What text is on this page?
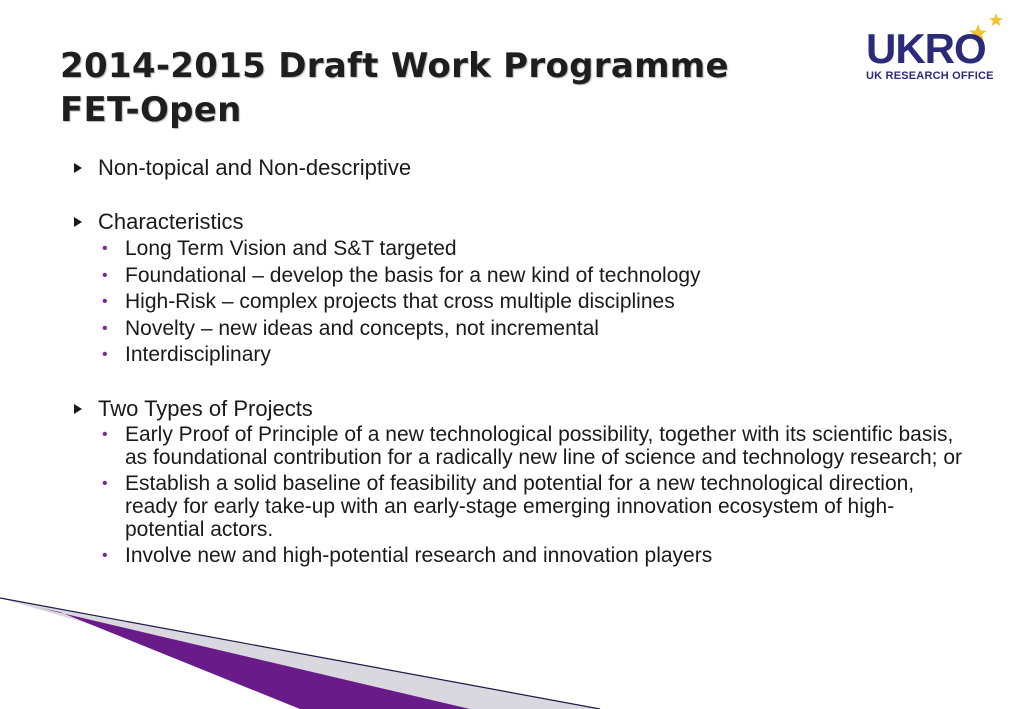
2014-2015 Draft Work Programme
FET-Open
UKRO
UK RESEARCH OFFICE
Non-topical and Non-descriptive
Characteristics
• Long Term Vision and S&T targeted
• Foundational – develop the basis for a new kind of technology
• High-Risk – complex projects that cross multiple disciplines
• Novelty – new ideas and concepts, not incremental
• Interdisciplinary
Two Types of Projects
• Early Proof of Principle of a new technological possibility, together with its scientific basis, as foundational contribution for a radically new line of science and technology research; or
• Establish a solid baseline of feasibility and potential for a new technological direction, ready for early take-up with an early-stage emerging innovation ecosystem of high-potential actors.
• Involve new and high-potential research and innovation players
